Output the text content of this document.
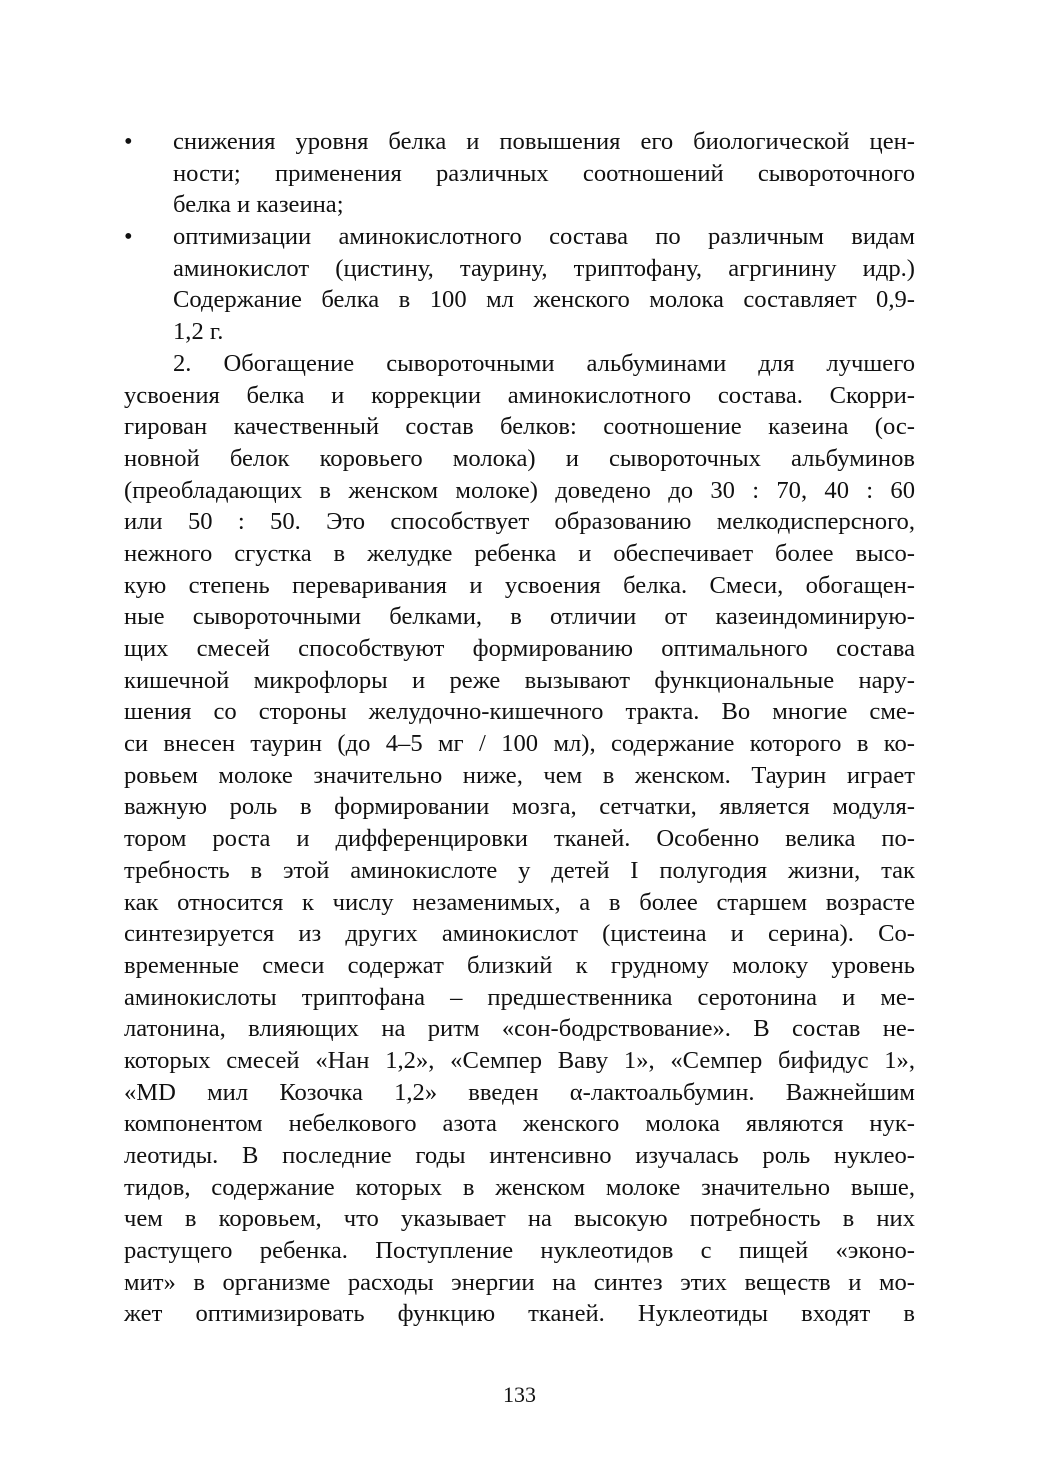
•	снижения уровня белка и повышения его биологической цен-
ности; применения различных соотношений сывороточного
белка и казеина;
•	оптимизации аминокислотного состава по различным видам
аминокислот (цистину, таурину, триптофану, агргинину идр.)
Содержание белка в 100 мл женского молока составляет 0,9-
1,2 г.
2. Обогащение сывороточными альбуминами для лучшего
усвоения белка и коррекции аминокислотного состава. Скорри-
гирован качественный состав белков: соотношение казеина (ос-
новной белок коровьего молока) и сывороточных альбуминов
(преобладающих в женском молоке) доведено до 30 : 70, 40 : 60
или 50 : 50. Это способствует образованию мелкодисперсного,
нежного сгустка в желудке ребенка и обеспечивает более высо-
кую степень переваривания и усвоения белка. Смеси, обогащен-
ные сывороточными белками, в отличии от казеиндоминирую-
щих смесей способствуют формированию оптимального состава
кишечной микрофлоры и реже вызывают функциональные нару-
шения со стороны желудочно-кишечного тракта. Во многие сме-
си внесен таурин (до 4–5 мг / 100 мл), содержание которого в ко-
ровьем молоке значительно ниже, чем в женском. Таурин играет
важную роль в формировании мозга, сетчатки, является модуля-
тором роста и дифференцировки тканей. Особенно велика по-
требность в этой аминокислоте у детей I полугодия жизни, так
как относится к числу незаменимых, а в более старшем возрасте
синтезируется из других аминокислот (цистеина и серина). Со-
временные смеси содержат близкий к грудному молоку уровень
аминокислоты триптофана – предшественника серотонина и ме-
латонина, влияющих на ритм «сон-бодрствование». В состав не-
которых смесей «Нан 1,2», «Семпер Ваву 1», «Семпер бифидус 1»,
«MD мил Козочка 1,2» введен α-лактоальбумин. Важнейшим
компонентом небелкового азота женского молока являются нук-
леотиды. В последние годы интенсивно изучалась роль нуклео-
тидов, содержание которых в женском молоке значительно выше,
чем в коровьем, что указывает на высокую потребность в них
растущего ребенка. Поступление нуклеотидов с пищей «эконо-
мит» в организме расходы энергии на синтез этих веществ и мо-
жет оптимизировать функцию тканей. Нуклеотиды входят в
133
